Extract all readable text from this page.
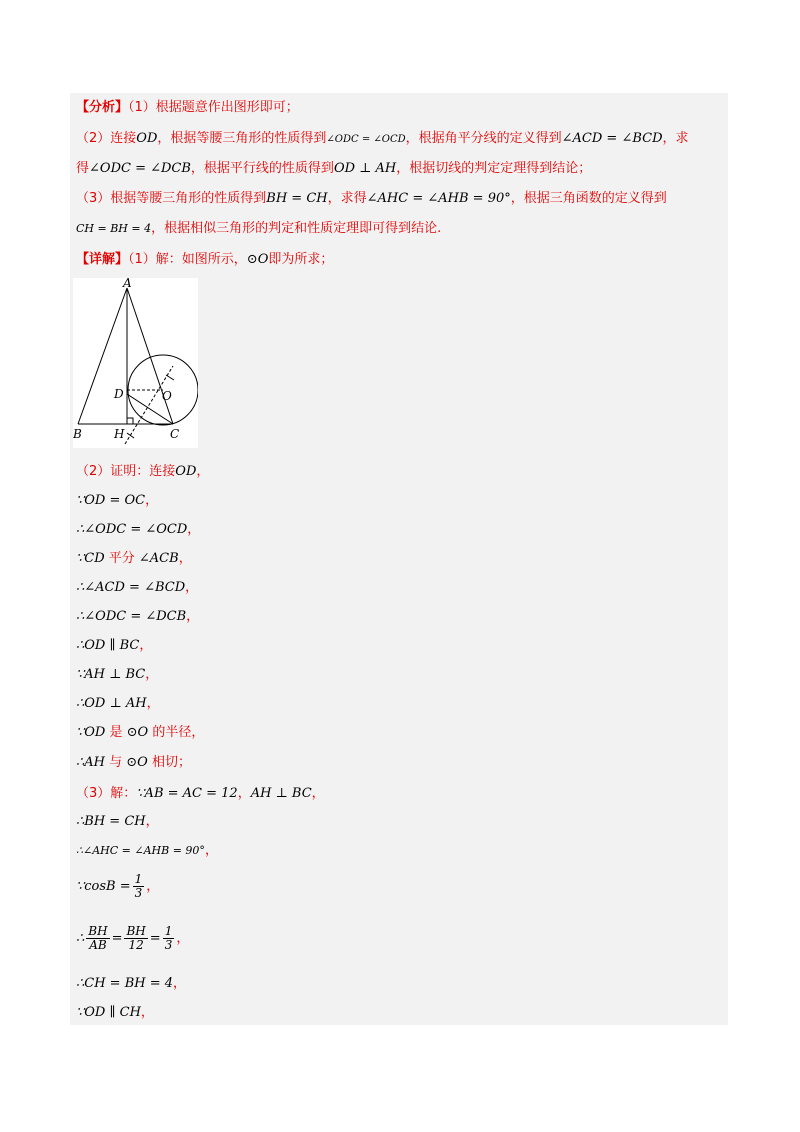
【分析】（1）根据题意作出图形即可；
（2）连接OD，根据等腰三角形的性质得到∠ODC = ∠OCD，根据角平分线的定义得到∠ACD = ∠BCD，求
得∠ODC = ∠DCB，根据平行线的性质得到OD ⊥ AH，根据切线的判定定理得到结论；
（3）根据等腰三角形的性质得到BH = CH，求得∠AHC = ∠AHB = 90°，根据三角函数的定义得到
CH = BH = 4，根据相似三角形的判定和性质定理即可得到结论.
【详解】（1）解：如图所示，⊙O即为所求；
A
B	C
D
H
O
（2）证明：连接OD，
∵OD = OC，
∴∠ODC = ∠OCD，
∵CD 平分 ∠ACB，
∴∠ACD = ∠BCD，
∴∠ODC = ∠DCB，
∴OD ∥ BC，
∵AH ⊥ BC，
∴OD ⊥ AH，
∵OD 是 ⊙O 的半径，
∴AH 与 ⊙O 相切；
（3）解：∵AB = AC = 12，AH ⊥ BC，
∴BH = CH，
∴∠AHC = ∠AHB = 90°，
∵cosB = $\frac{1}{3}$ ，
∴ $\frac{BH}{AB} = \frac{BH}{12} = \frac{1}{3}$ ，
∴CH = BH = 4，
∵OD ∥ CH，
